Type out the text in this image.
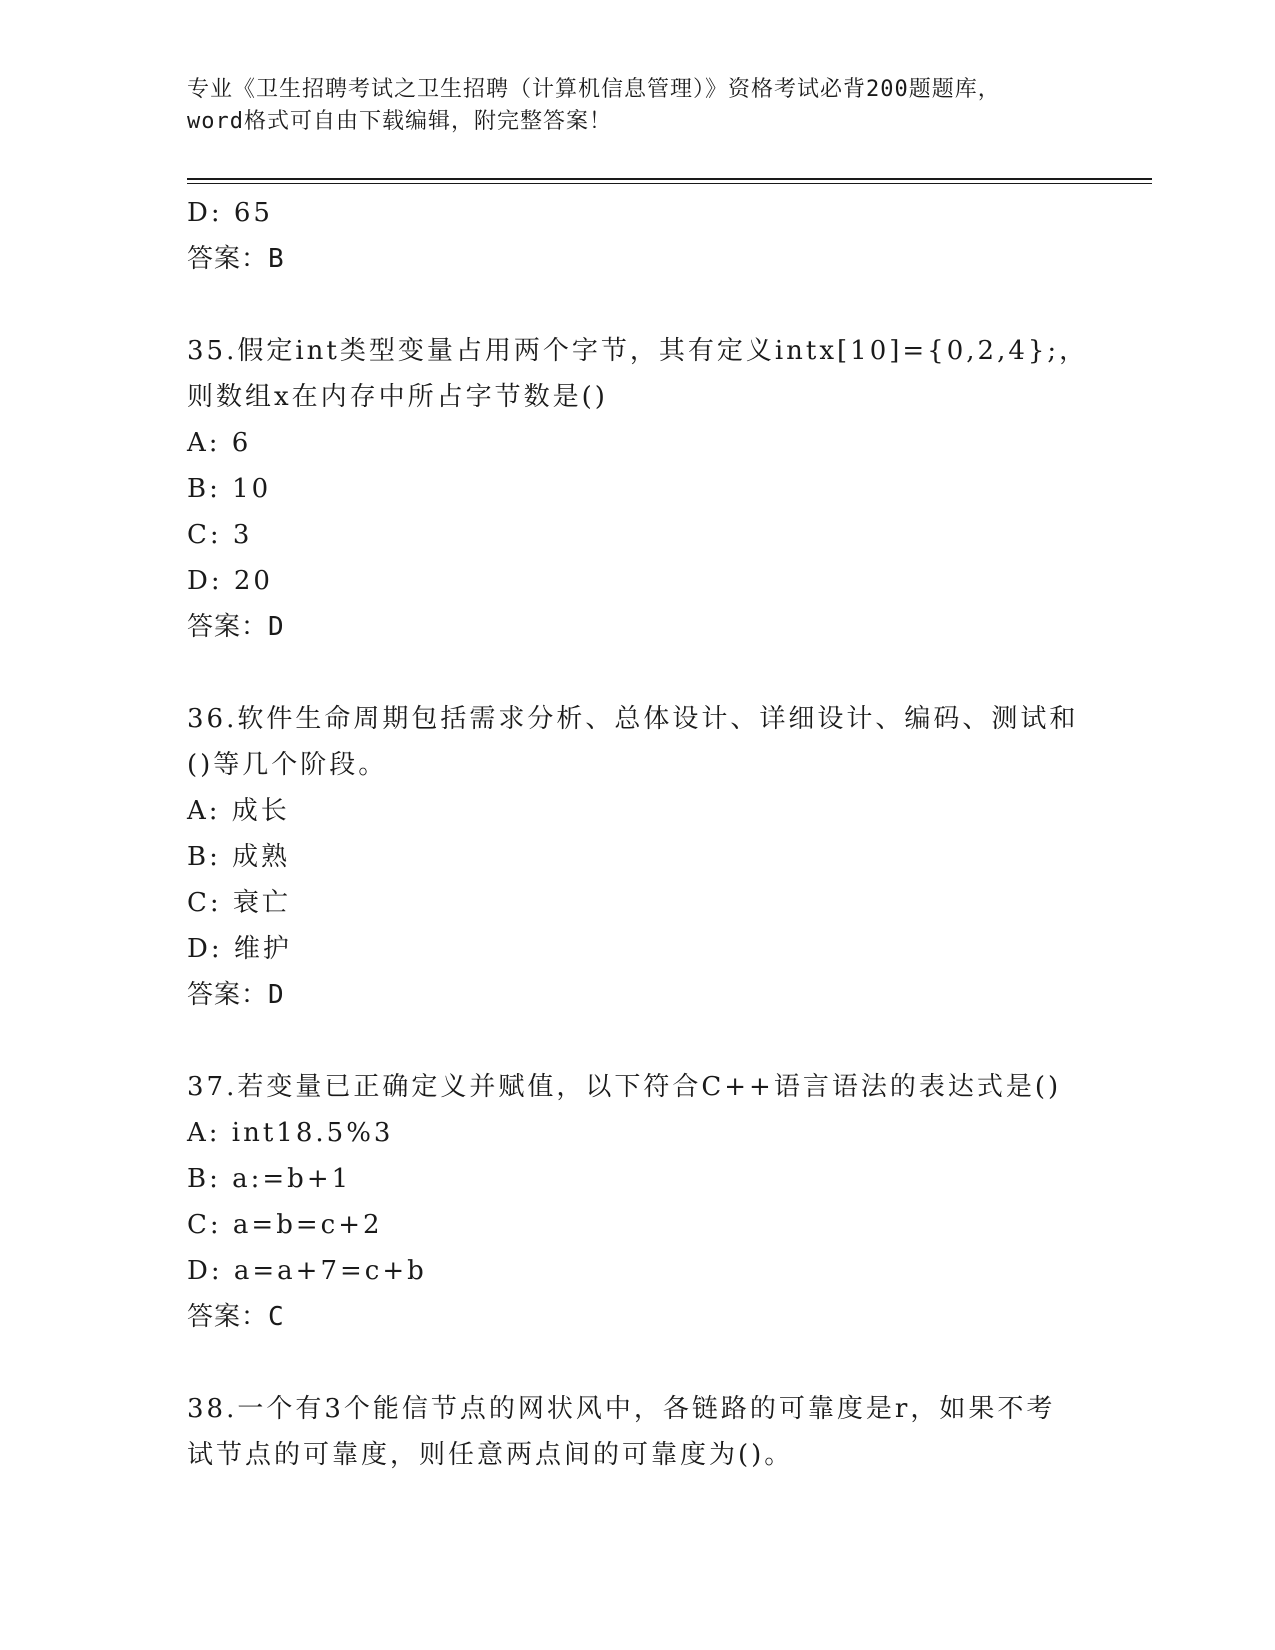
专业《卫生招聘考试之卫生招聘（计算机信息管理）》资格考试必背200题题库，
word格式可自由下载编辑，附完整答案！
D: 65
答案：B
35.假定int类型变量占用两个字节，其有定义intx[10]={0,2,4};，
则数组x在内存中所占字节数是()
A: 6
B: 10
C: 3
D: 20
答案：D
36.软件生命周期包括需求分析、总体设计、详细设计、编码、测试和
()等几个阶段。
A: 成长
B: 成熟
C: 衰亡
D: 维护
答案：D
37.若变量已正确定义并赋值，以下符合C++语言语法的表达式是()
A: int18.5%3
B: a:=b+1
C: a=b=c+2
D: a=a+7=c+b
答案：C
38.一个有3个能信节点的网状风中，各链路的可靠度是r，如果不考
试节点的可靠度，则任意两点间的可靠度为()。
